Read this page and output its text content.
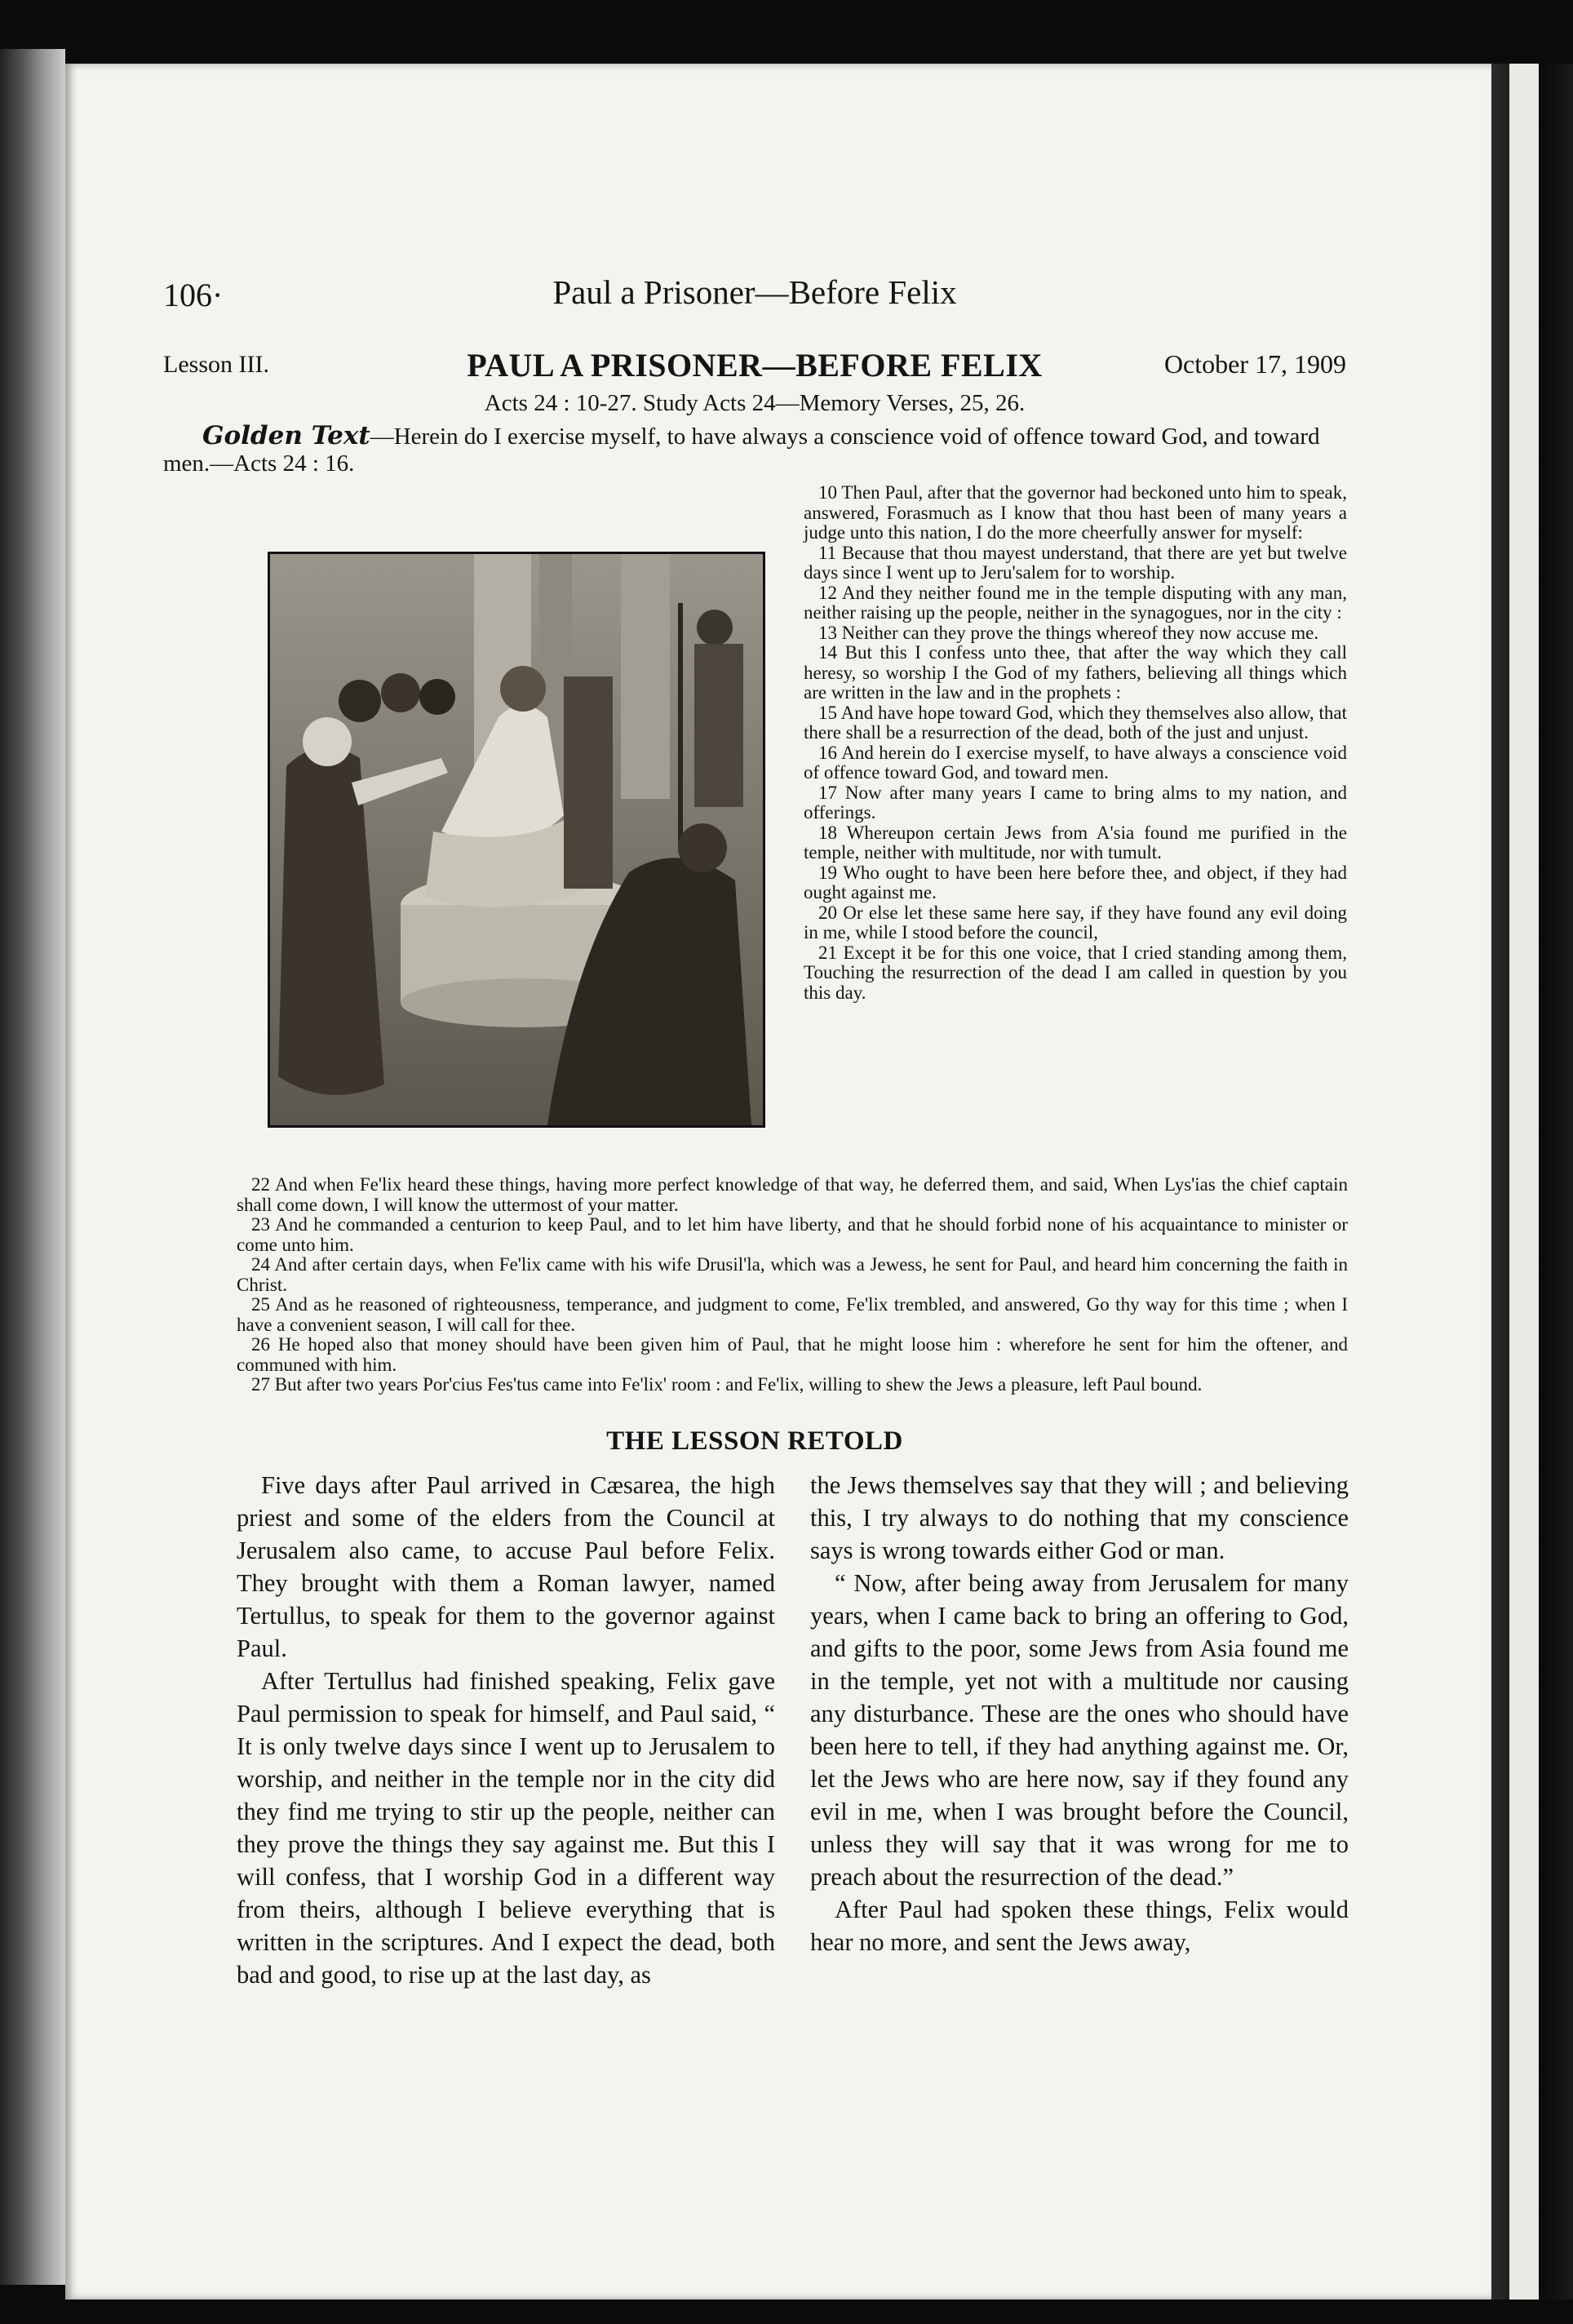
106·	Paul a Prisoner—Before Felix
Lesson III.	PAUL A PRISONER—BEFORE FELIX	October 17, 1909
Acts 24 : 10-27. Study Acts 24—Memory Verses, 25, 26.
Golden Text—Herein do I exercise myself, to have always a conscience void of offence toward God, and toward men.—Acts 24 : 16.

10 Then Paul, after that the governor had beckoned unto him to speak, answered, Forasmuch as I know that thou hast been of many years a judge unto this nation, I do the more cheerfully answer for myself:

11 Because that thou mayest understand, that there are yet but twelve days since I went up to Jeru'salem for to worship.

12 And they neither found me in the temple disputing with any man, neither raising up the people, neither in the synagogues, nor in the city :

13 Neither can they prove the things whereof they now accuse me.

14 But this I confess unto thee, that after the way which they call heresy, so worship I the God of my fathers, believing all things which are written in the law and in the prophets :

15 And have hope toward God, which they themselves also allow, that there shall be a resurrection of the dead, both of the just and unjust.

16 And herein do I exercise myself, to have always a conscience void of offence toward God, and toward men.

17 Now after many years I came to bring alms to my nation, and offerings.

18 Whereupon certain Jews from A'sia found me purified in the temple, neither with multitude, nor with tumult.

19 Who ought to have been here before thee, and object, if they had ought against me.

20 Or else let these same here say, if they have found any evil doing in me, while I stood before the council,

21 Except it be for this one voice, that I cried standing among them, Touching the resurrection of the dead I am called in question by you this day.

22 And when Fe'lix heard these things, having more perfect knowledge of that way, he deferred them, and said, When Lys'ias the chief captain shall come down, I will know the uttermost of your matter.

23 And he commanded a centurion to keep Paul, and to let him have liberty, and that he should forbid none of his acquaintance to minister or come unto him.

24 And after certain days, when Fe'lix came with his wife Drusil'la, which was a Jewess, he sent for Paul, and heard him concerning the faith in Christ.

25 And as he reasoned of righteousness, temperance, and judgment to come, Fe'lix trembled, and answered, Go thy way for this time ; when I have a convenient season, I will call for thee.

26 He hoped also that money should have been given him of Paul, that he might loose him : wherefore he sent for him the oftener, and communed with him.

27 But after two years Por'cius Fes'tus came into Fe'lix' room : and Fe'lix, willing to shew the Jews a pleasure, left Paul bound.

THE LESSON RETOLD

Five days after Paul arrived in Cæsarea, the high priest and some of the elders from the Council at Jerusalem also came, to accuse Paul before Felix. They brought with them a Roman lawyer, named Tertullus, to speak for them to the governor against Paul.

After Tertullus had finished speaking, Felix gave Paul permission to speak for himself, and Paul said, “ It is only twelve days since I went up to Jerusalem to worship, and neither in the temple nor in the city did they find me trying to stir up the people, neither can they prove the things they say against me. But this I will confess, that I worship God in a different way from theirs, although I believe everything that is written in the scriptures. And I expect the dead, both bad and good, to rise up at the last day, as

the Jews themselves say that they will ; and believing this, I try always to do nothing that my conscience says is wrong towards either God or man.

“ Now, after being away from Jerusalem for many years, when I came back to bring an offering to God, and gifts to the poor, some Jews from Asia found me in the temple, yet not with a multitude nor causing any disturbance. These are the ones who should have been here to tell, if they had anything against me. Or, let the Jews who are here now, say if they found any evil in me, when I was brought before the Council, unless they will say that it was wrong for me to preach about the resurrection of the dead.”

After Paul had spoken these things, Felix would hear no more, and sent the Jews away,
